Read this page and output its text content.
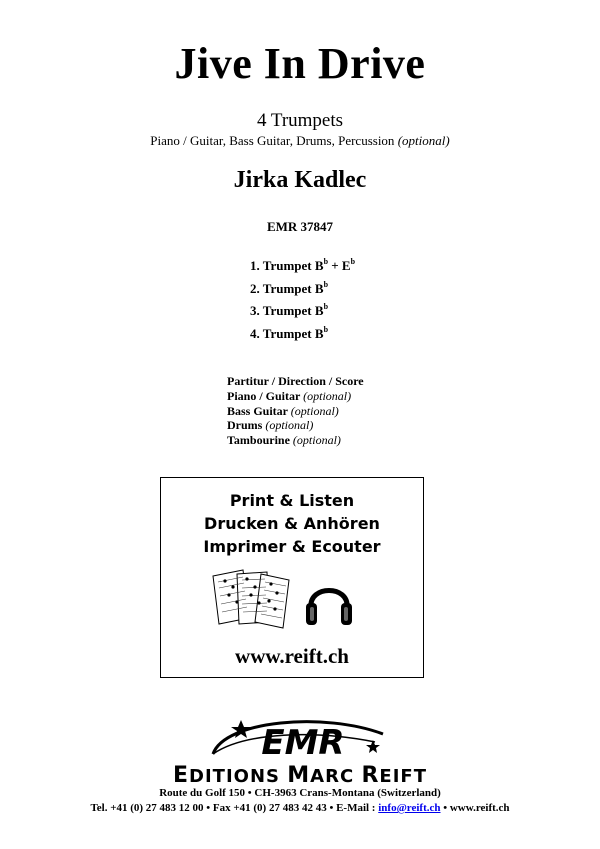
Jive In Drive
4 Trumpets
Piano / Guitar, Bass Guitar, Drums, Percussion (optional)
Jirka Kadlec
EMR 37847
1. Trumpet $B^b + E^b$
2. Trumpet $B^b$
3. Trumpet $B^b$
4. Trumpet $B^b$
Partitur / Direction / Score
Piano / Guitar (optional)
Bass Guitar (optional)
Drums (optional)
Tambourine (optional)
Print & Listen
Drucken & Anhören
Imprimer & Ecouter
www.reift.ch
EMR
EDITIONS MARC REIFT
Route du Golf 150 • CH-3963 Crans-Montana (Switzerland)
Tel. +41 (0) 27 483 12 00 • Fax +41 (0) 27 483 42 43 • E-Mail : info@reift.ch • www.reift.ch
